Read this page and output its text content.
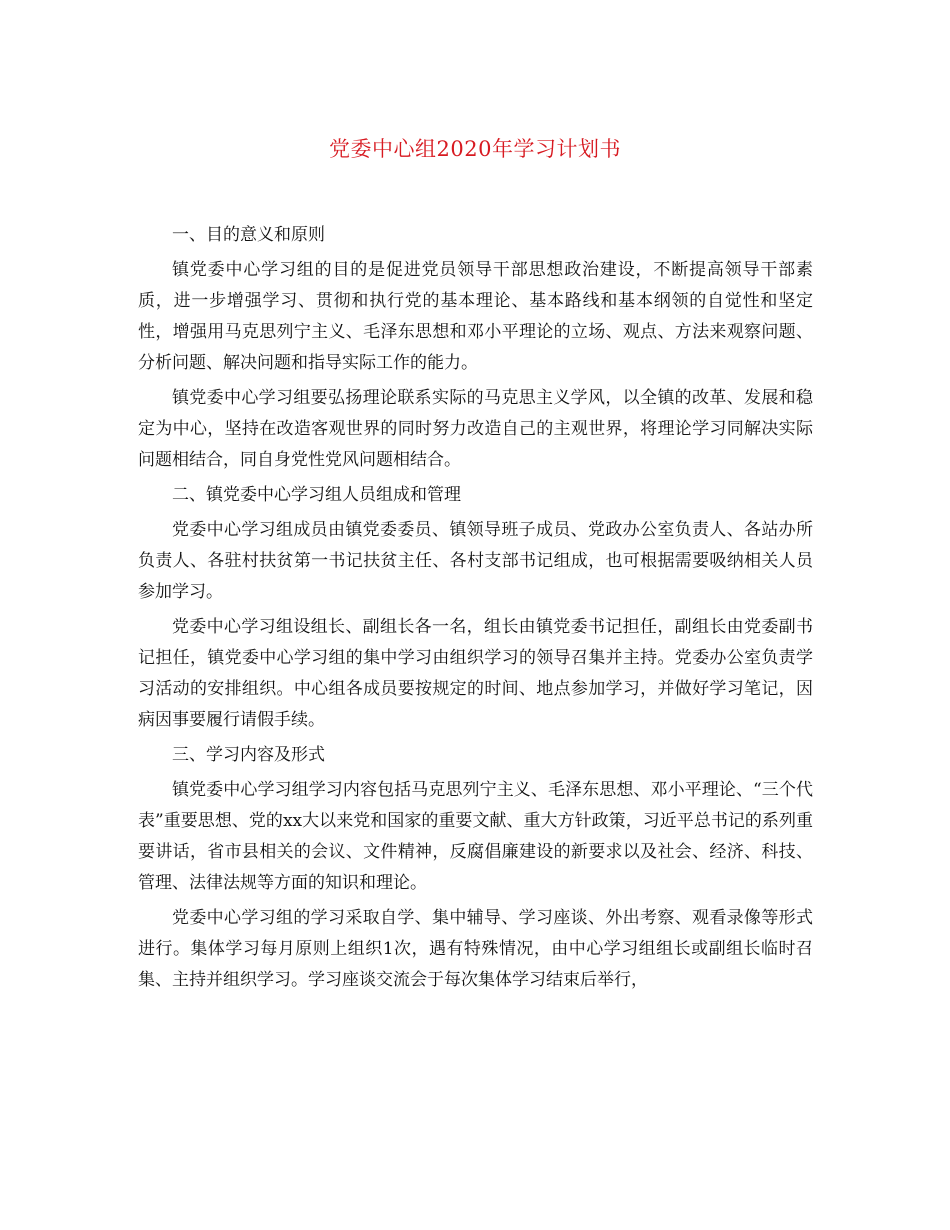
党委中心组2020年学习计划书

一、目的意义和原则

镇党委中心学习组的目的是促进党员领导干部思想政治建设，不断提高领导干部素质，进一步增强学习、贯彻和执行党的基本理论、基本路线和基本纲领的自觉性和坚定性，增强用马克思列宁主义、毛泽东思想和邓小平理论的立场、观点、方法来观察问题、分析问题、解决问题和指导实际工作的能力。

镇党委中心学习组要弘扬理论联系实际的马克思主义学风，以全镇的改革、发展和稳定为中心，坚持在改造客观世界的同时努力改造自己的主观世界，将理论学习同解决实际问题相结合，同自身党性党风问题相结合。

二、镇党委中心学习组人员组成和管理

党委中心学习组成员由镇党委委员、镇领导班子成员、党政办公室负责人、各站办所负责人、各驻村扶贫第一书记扶贫主任、各村支部书记组成，也可根据需要吸纳相关人员参加学习。

党委中心学习组设组长、副组长各一名，组长由镇党委书记担任，副组长由党委副书记担任，镇党委中心学习组的集中学习由组织学习的领导召集并主持。党委办公室负责学习活动的安排组织。中心组各成员要按规定的时间、地点参加学习，并做好学习笔记，因病因事要履行请假手续。

三、学习内容及形式

镇党委中心学习组学习内容包括马克思列宁主义、毛泽东思想、邓小平理论、“三个代表”重要思想、党的xx大以来党和国家的重要文献、重大方针政策，习近平总书记的系列重要讲话，省市县相关的会议、文件精神，反腐倡廉建设的新要求以及社会、经济、科技、管理、法律法规等方面的知识和理论。

党委中心学习组的学习采取自学、集中辅导、学习座谈、外出考察、观看录像等形式进行。集体学习每月原则上组织1次，遇有特殊情况，由中心学习组组长或副组长临时召集、主持并组织学习。学习座谈交流会于每次集体学习结束后举行，
